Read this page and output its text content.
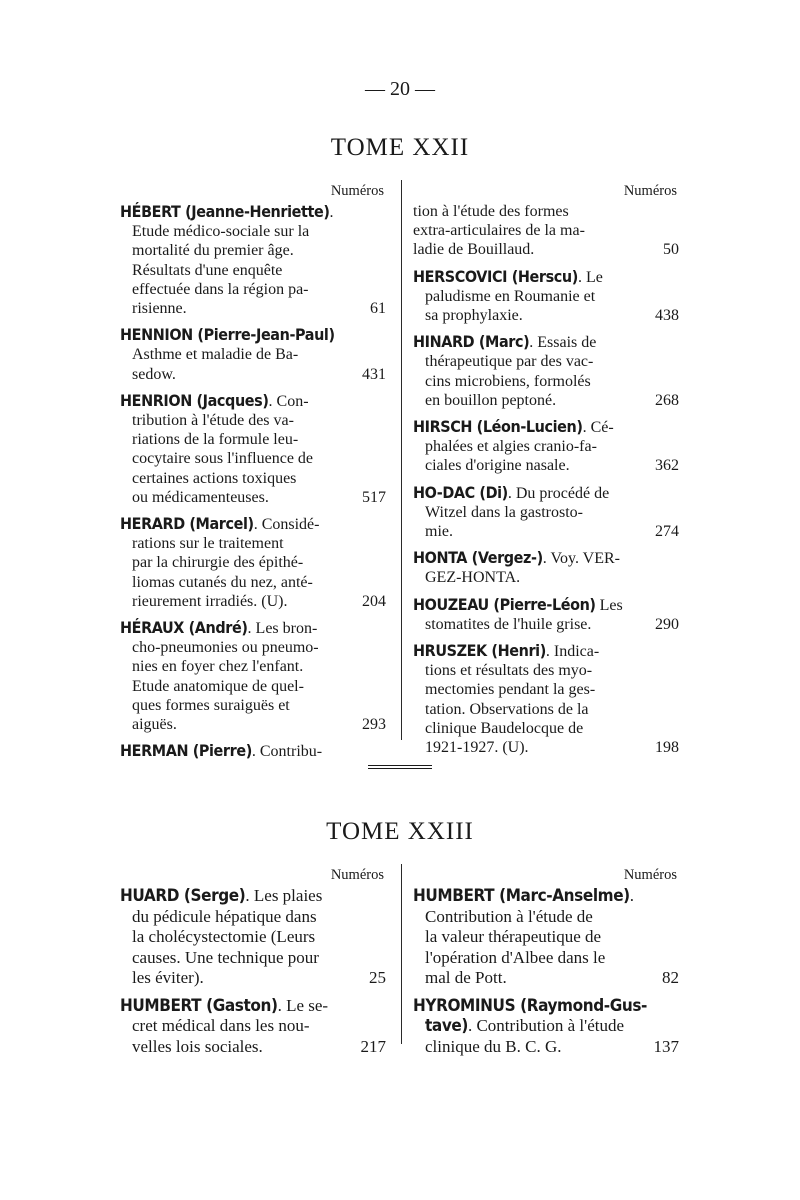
— 20 —
TOME XXII
Numéros
HÉBERT (Jeanne-Henriette).
Etude médico-sociale sur la
mortalité du premier âge.
Résultats d'une enquête
effectuée dans la région pa-
risienne.	61
HENNION (Pierre-Jean-Paul)
Asthme et maladie de Ba-
sedow.	431
HENRION (Jacques). Con-
tribution à l'étude des va-
riations de la formule leu-
cocytaire sous l'influence de
certaines actions toxiques
ou médicamenteuses.	517
HERARD (Marcel). Considé-
rations sur le traitement
par la chirurgie des épithé-
liomas cutanés du nez, anté-
rieurement irradiés. (U).	204
HÉRAUX (André). Les bron-
cho-pneumonies ou pneumo-
nies en foyer chez l'enfant.
Etude anatomique de quel-
ques formes suraiguës et
aiguës.	293
HERMAN (Pierre). Contribu-
Numéros
tion à l'étude des formes
extra-articulaires de la ma-
ladie de Bouillaud.	50
HERSCOVICI (Herscu). Le
paludisme en Roumanie et
sa prophylaxie.	438
HINARD (Marc). Essais de
thérapeutique par des vac-
cins microbiens, formolés
en bouillon peptoné.	268
HIRSCH (Léon-Lucien). Cé-
phalées et algies cranio-fa-
ciales d'origine nasale.	362
HO-DAC (Di). Du procédé de
Witzel dans la gastrosto-
mie.	274
HONTA (Vergez-). Voy. VER-
GEZ-HONTA.
HOUZEAU (Pierre-Léon) Les
stomatites de l'huile grise.	290
HRUSZEK (Henri). Indica-
tions et résultats des myo-
mectomies pendant la ges-
tation. Observations de la
clinique Baudelocque de
1921-1927. (U).	198
TOME XXIII
Numéros
HUARD (Serge). Les plaies
du pédicule hépatique dans
la cholécystectomie (Leurs
causes. Une technique pour
les éviter).	25
HUMBERT (Gaston). Le se-
cret médical dans les nou-
velles lois sociales.	217
Numéros
HUMBERT (Marc-Anselme).
Contribution à l'étude de
la valeur thérapeutique de
l'opération d'Albee dans le
mal de Pott.	82
HYROMINUS (Raymond-Gus-
tave). Contribution à l'étude
clinique du B. C. G.	137
